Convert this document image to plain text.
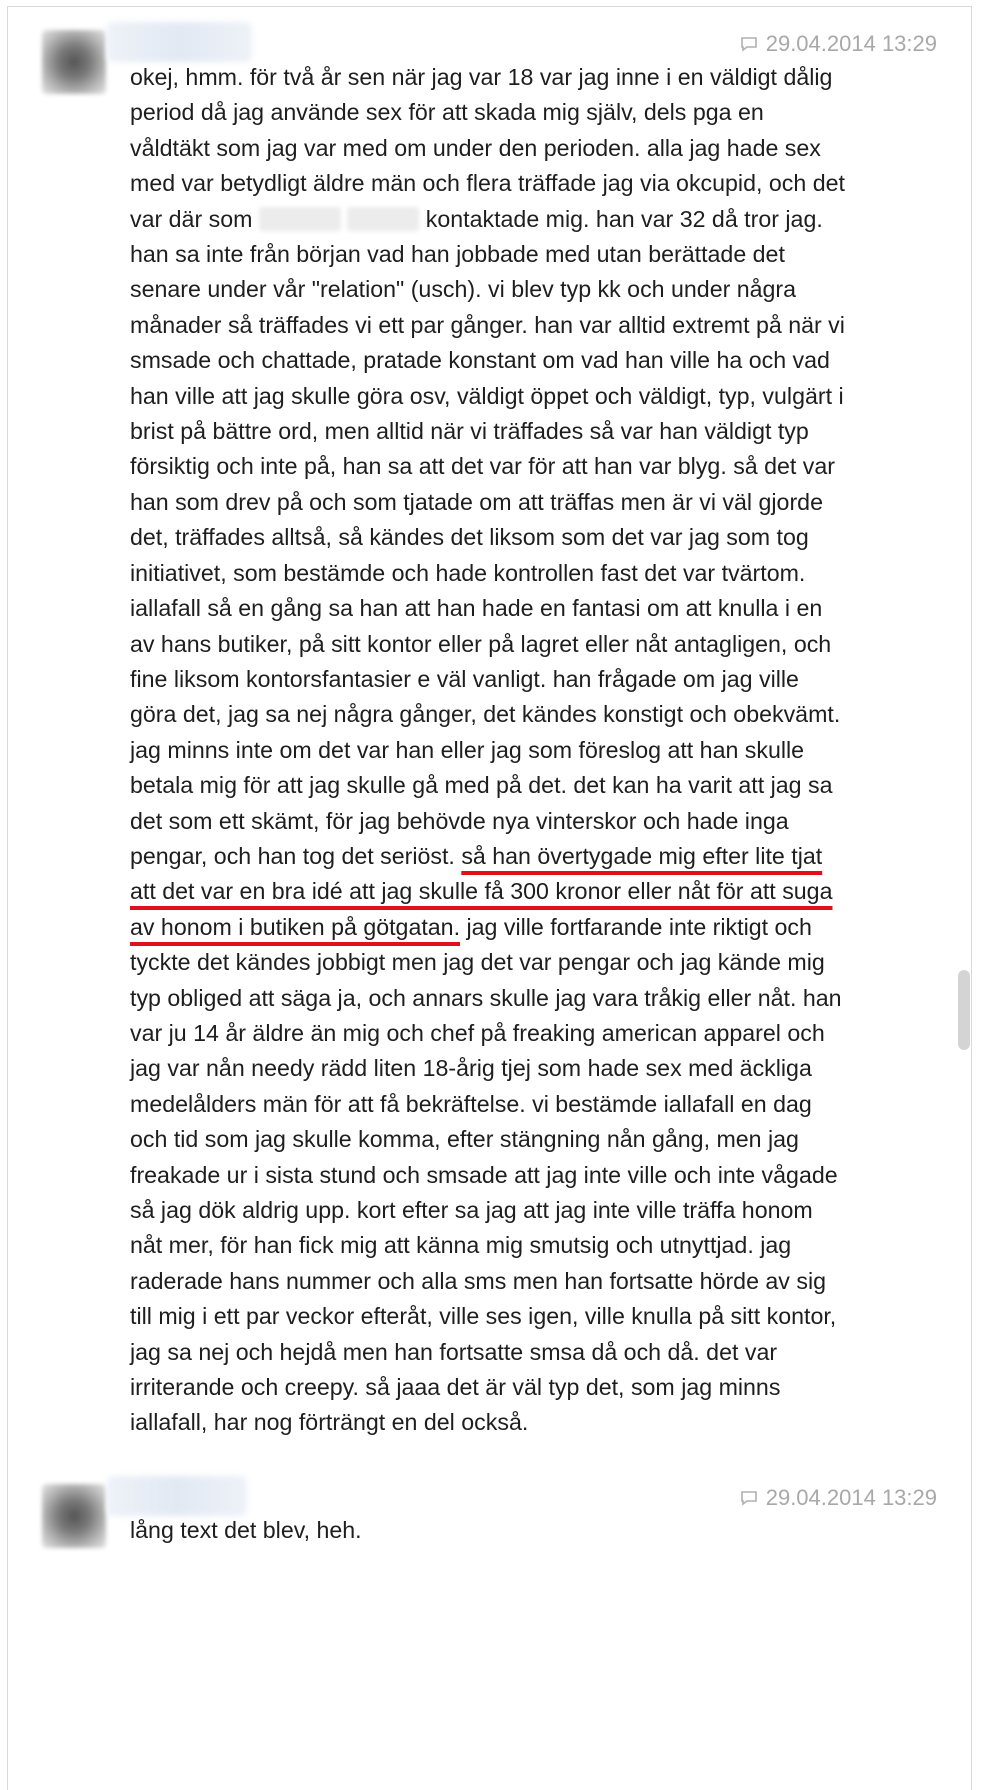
29.04.2014 13:29
okej, hmm. för två år sen när jag var 18 var jag inne i en väldigt dålig period då jag använde sex för att skada mig själv, dels pga en våldtäkt som jag var med om under den perioden. alla jag hade sex med var betydligt äldre män och flera träffade jag via okcupid, och det var där som	kontaktade mig. han var 32 då tror jag. han sa inte från början vad han jobbade med utan berättade det senare under vår "relation" (usch). vi blev typ kk och under några månader så träffades vi ett par gånger. han var alltid extremt på när vi smsade och chattade, pratade konstant om vad han ville ha och vad han ville att jag skulle göra osv, väldigt öppet och väldigt, typ, vulgärt i brist på bättre ord, men alltid när vi träffades så var han väldigt typ försiktig och inte på, han sa att det var för att han var blyg. så det var han som drev på och som tjatade om att träffas men är vi väl gjorde det, träffades alltså, så kändes det liksom som det var jag som tog initiativet, som bestämde och hade kontrollen fast det var tvärtom.
iallafall så en gång sa han att han hade en fantasi om att knulla i en av hans butiker, på sitt kontor eller på lagret eller nåt antagligen, och fine liksom kontorsfantasier e väl vanligt. han frågade om jag ville göra det, jag sa nej några gånger, det kändes konstigt och obekvämt. jag minns inte om det var han eller jag som föreslog att han skulle betala mig för att jag skulle gå med på det. det kan ha varit att jag sa det som ett skämt, för jag behövde nya vinterskor och hade inga pengar, och han tog det seriöst. så han övertygade mig efter lite tjat att det var en bra idé att jag skulle få 300 kronor eller nåt för att suga av honom i butiken på götgatan. jag ville fortfarande inte riktigt och tyckte det kändes jobbigt men jag det var pengar och jag kände mig typ obliged att säga ja, och annars skulle jag vara tråkig eller nåt. han var ju 14 år äldre än mig och chef på freaking american apparel och jag var nån needy rädd liten 18-årig tjej som hade sex med äckliga medelålders män för att få bekräftelse. vi bestämde iallafall en dag och tid som jag skulle komma, efter stängning nån gång, men jag freakade ur i sista stund och smsade att jag inte ville och inte vågade så jag dök aldrig upp. kort efter sa jag att jag inte ville träffa honom nåt mer, för han fick mig att känna mig smutsig och utnyttjad. jag raderade hans nummer och alla sms men han fortsatte hörde av sig till mig i ett par veckor efteråt, ville ses igen, ville knulla på sitt kontor, jag sa nej och hejdå men han fortsatte smsa då och då. det var irriterande och creepy. så jaaa det är väl typ det, som jag minns iallafall, har nog förträngt en del också.
29.04.2014 13:29
lång text det blev, heh.
